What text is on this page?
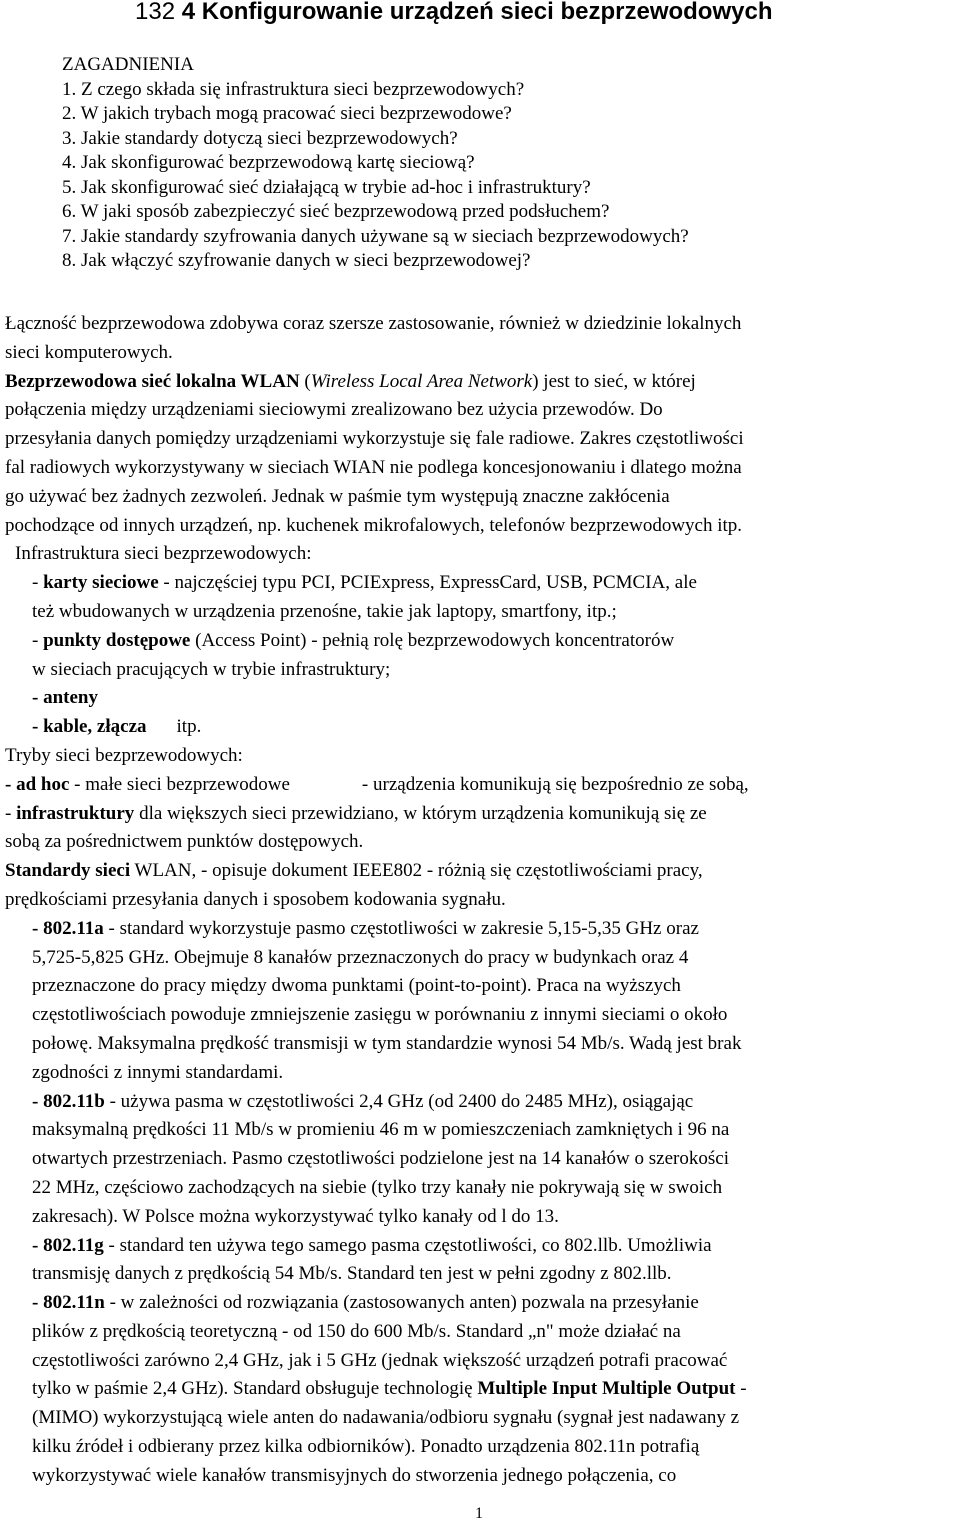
132 4 Konfigurowanie urządzeń sieci bezprzewodowych
ZAGADNIENIA
1. Z czego składa się infrastruktura sieci bezprzewodowych?
2. W jakich trybach mogą pracować sieci bezprzewodowe?
3. Jakie standardy dotyczą sieci bezprzewodowych?
4. Jak skonfigurować bezprzewodową kartę sieciową?
5. Jak skonfigurować sieć działającą w trybie ad-hoc i infrastruktury?
6. W jaki sposób zabezpieczyć sieć bezprzewodową przed podsłuchem?
7. Jakie standardy szyfrowania danych używane są w sieciach bezprzewodowych?
8. Jak włączyć szyfrowanie danych w sieci bezprzewodowej?
Łączność bezprzewodowa zdobywa coraz szersze zastosowanie, również w dziedzinie lokalnych
sieci komputerowych.
Bezprzewodowa sieć lokalna WLAN (Wireless Local Area Network) jest to sieć, w której
połączenia między urządzeniami sieciowymi zrealizowano bez użycia przewodów. Do
przesyłania danych pomiędzy urządzeniami wykorzystuje się fale radiowe. Zakres częstotliwości
fal radiowych wykorzystywany w sieciach WIAN nie podlega koncesjonowaniu i dlatego można
go używać bez żadnych zezwoleń. Jednak w paśmie tym występują znaczne zakłócenia
pochodzące od innych urządzeń, np. kuchenek mikrofalowych, telefonów bezprzewodowych itp.
Infrastruktura sieci bezprzewodowych:
- karty sieciowe - najczęściej typu PCI, PCIExpress, ExpressCard, USB, PCMCIA, ale
też wbudowanych w urządzenia przenośne, takie jak laptopy, smartfony, itp.;
- punkty dostępowe (Access Point) - pełnią rolę bezprzewodowych koncentratorów
w sieciach pracujących w trybie infrastruktury;
- anteny
- kable, złącza itp.
Tryby sieci bezprzewodowych:
- ad hoc - małe sieci bezprzewodowe	- urządzenia komunikują się bezpośrednio ze sobą,
- infrastruktury dla większych sieci przewidziano, w którym urządzenia komunikują się ze
sobą za pośrednictwem punktów dostępowych.
Standardy sieci WLAN, - opisuje dokument IEEE802 - różnią się częstotliwościami pracy,
prędkościami przesyłania danych i sposobem kodowania sygnału.
- 802.11a - standard wykorzystuje pasmo częstotliwości w zakresie 5,15-5,35 GHz oraz
5,725-5,825 GHz. Obejmuje 8 kanałów przeznaczonych do pracy w budynkach oraz 4
przeznaczone do pracy między dwoma punktami (point-to-point). Praca na wyższych
częstotliwościach powoduje zmniejszenie zasięgu w porównaniu z innymi sieciami o około
połowę. Maksymalna prędkość transmisji w tym standardzie wynosi 54 Mb/s. Wadą jest brak
zgodności z innymi standardami.
- 802.11b - używa pasma w częstotliwości 2,4 GHz (od 2400 do 2485 MHz), osiągając
maksymalną prędkości 11 Mb/s w promieniu 46 m w pomieszczeniach zamkniętych i 96 na
otwartych przestrzeniach. Pasmo częstotliwości podzielone jest na 14 kanałów o szerokości
22 MHz, częściowo zachodzących na siebie (tylko trzy kanały nie pokrywają się w swoich
zakresach). W Polsce można wykorzystywać tylko kanały od l do 13.
- 802.11g - standard ten używa tego samego pasma częstotliwości, co 802.llb. Umożliwia
transmisję danych z prędkością 54 Mb/s. Standard ten jest w pełni zgodny z 802.llb.
- 802.11n - w zależności od rozwiązania (zastosowanych anten) pozwala na przesyłanie
plików z prędkością teoretyczną - od 150 do 600 Mb/s. Standard „n" może działać na
częstotliwości zarówno 2,4 GHz, jak i 5 GHz (jednak większość urządzeń potrafi pracować
tylko w paśmie 2,4 GHz). Standard obsługuje technologię Multiple Input Multiple Output -
(MIMO) wykorzystującą wiele anten do nadawania/odbioru sygnału (sygnał jest nadawany z
kilku źródeł i odbierany przez kilka odbiorników). Ponadto urządzenia 802.11n potrafią
wykorzystywać wiele kanałów transmisyjnych do stworzenia jednego połączenia, co
1
